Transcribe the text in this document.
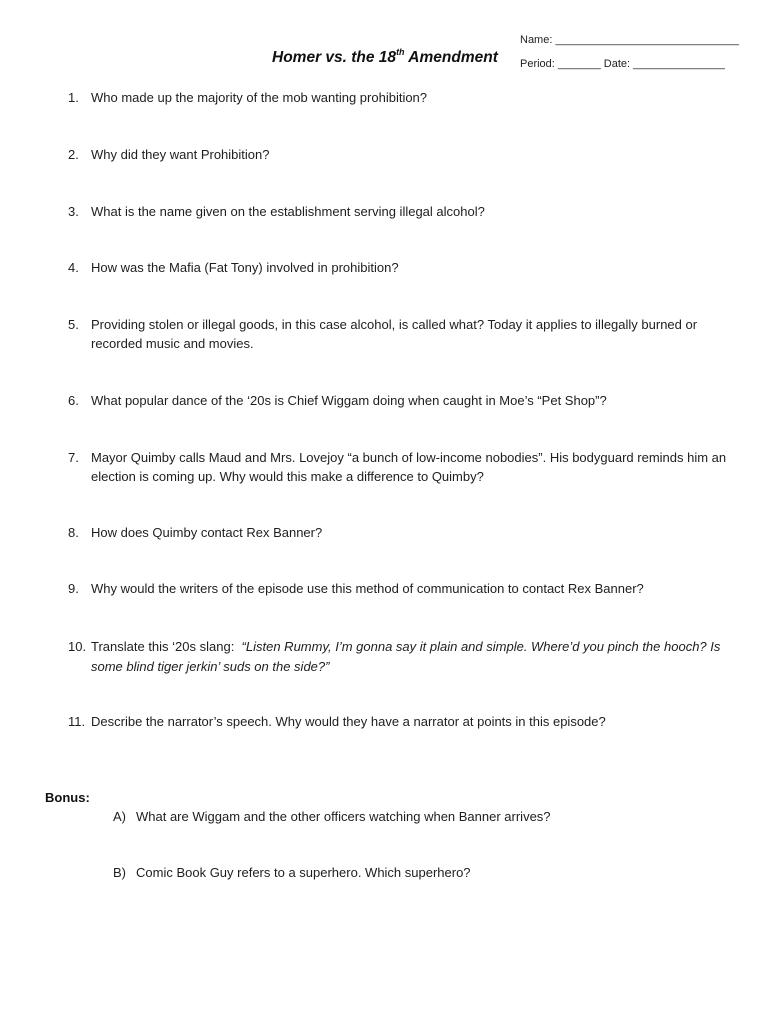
Name: ______________________________
Period: _______ Date: _______________
Homer vs. the 18th Amendment
1. Who made up the majority of the mob wanting prohibition?
2. Why did they want Prohibition?
3. What is the name given on the establishment serving illegal alcohol?
4. How was the Mafia (Fat Tony) involved in prohibition?
5. Providing stolen or illegal goods, in this case alcohol, is called what? Today it applies to illegally burned or recorded music and movies.
6. What popular dance of the ‘20s is Chief Wiggam doing when caught in Moe’s “Pet Shop”?
7. Mayor Quimby calls Maud and Mrs. Lovejoy “a bunch of low-income nobodies”. His bodyguard reminds him an election is coming up. Why would this make a difference to Quimby?
8. How does Quimby contact Rex Banner?
9. Why would the writers of the episode use this method of communication to contact Rex Banner?
10. Translate this ‘20s slang: “Listen Rummy, I’m gonna say it plain and simple. Where’d you pinch the hooch? Is some blind tiger jerkin’ suds on the side?”
11. Describe the narrator’s speech. Why would they have a narrator at points in this episode?
Bonus:
A) What are Wiggam and the other officers watching when Banner arrives?
B) Comic Book Guy refers to a superhero. Which superhero?
